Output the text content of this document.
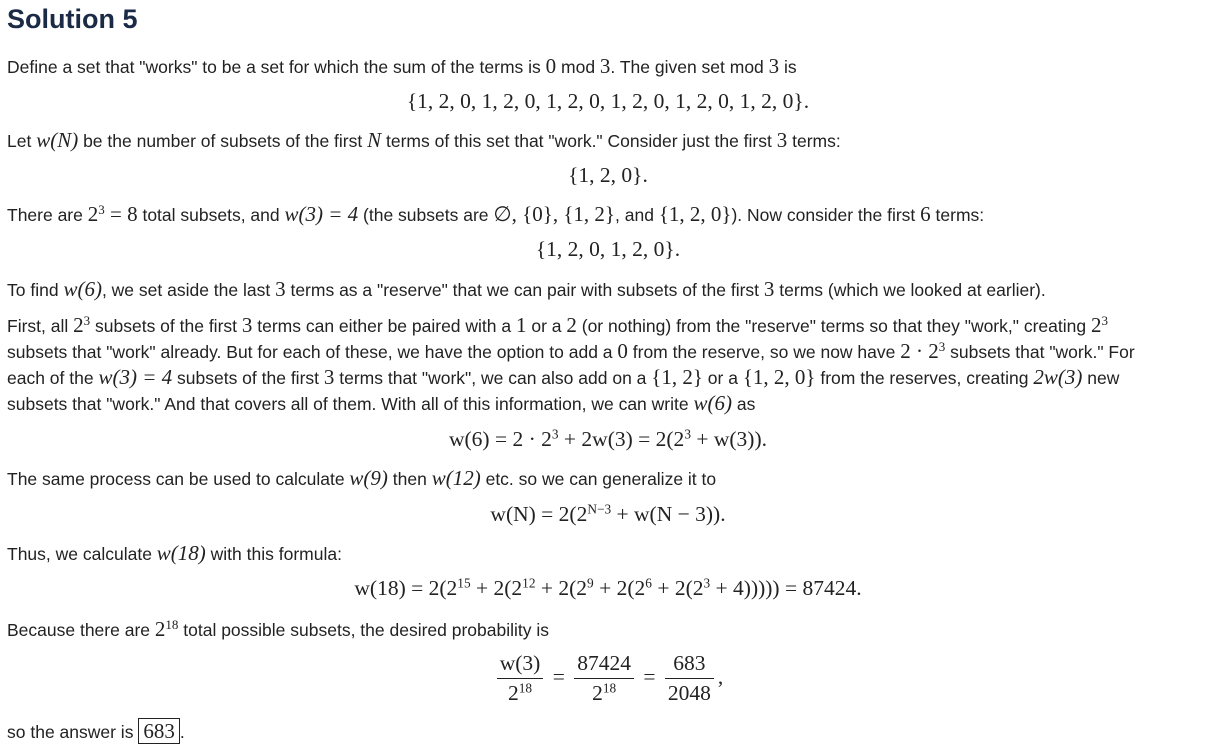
Solution 5

Define a set that "works" to be a set for which the sum of the terms is 0 mod 3. The given set mod 3 is

{1, 2, 0, 1, 2, 0, 1, 2, 0, 1, 2, 0, 1, 2, 0, 1, 2, 0}.

Let w(N) be the number of subsets of the first N terms of this set that "work." Consider just the first 3 terms:

{1, 2, 0}.

There are $2^3 = 8$ total subsets, and w(3) = 4 (the subsets are ∅, {0}, {1, 2}, and {1, 2, 0}). Now consider the first 6 terms:

{1, 2, 0, 1, 2, 0}.

To find w(6), we set aside the last 3 terms as a "reserve" that we can pair with subsets of the first 3 terms (which we looked at earlier).

First, all $2^3$ subsets of the first 3 terms can either be paired with a 1 or a 2 (or nothing) from the "reserve" terms so that they "work," creating $2^3$

subsets that "work" already. But for each of these, we have the option to add a 0 from the reserve, so we now have $2 \cdot 2^3$ subsets that "work." For

each of the w(3) = 4 subsets of the first 3 terms that "work", we can also add on a {1, 2} or a {1, 2, 0} from the reserves, creating 2w(3) new

subsets that "work." And that covers all of them. With all of this information, we can write w(6) as

$w(6) = 2 \cdot 2^3 + 2w(3) = 2(2^3 + w(3))$.

The same process can be used to calculate w(9) then w(12) etc. so we can generalize it to

$w(N) = 2(2^{N-3} + w(N - 3))$.

Thus, we calculate w(18) with this formula:

$w(18) = 2(2^{15} + 2(2^{12} + 2(2^9 + 2(2^6 + 2(2^3 + 4))))) = 87424$.

Because there are $2^{18}$ total possible subsets, the desired probability is

$\frac{w(3)}{2^{18}} = \frac{87424}{2^{18}} = \frac{683}{2048}$ ,

so the answer is 683 .
